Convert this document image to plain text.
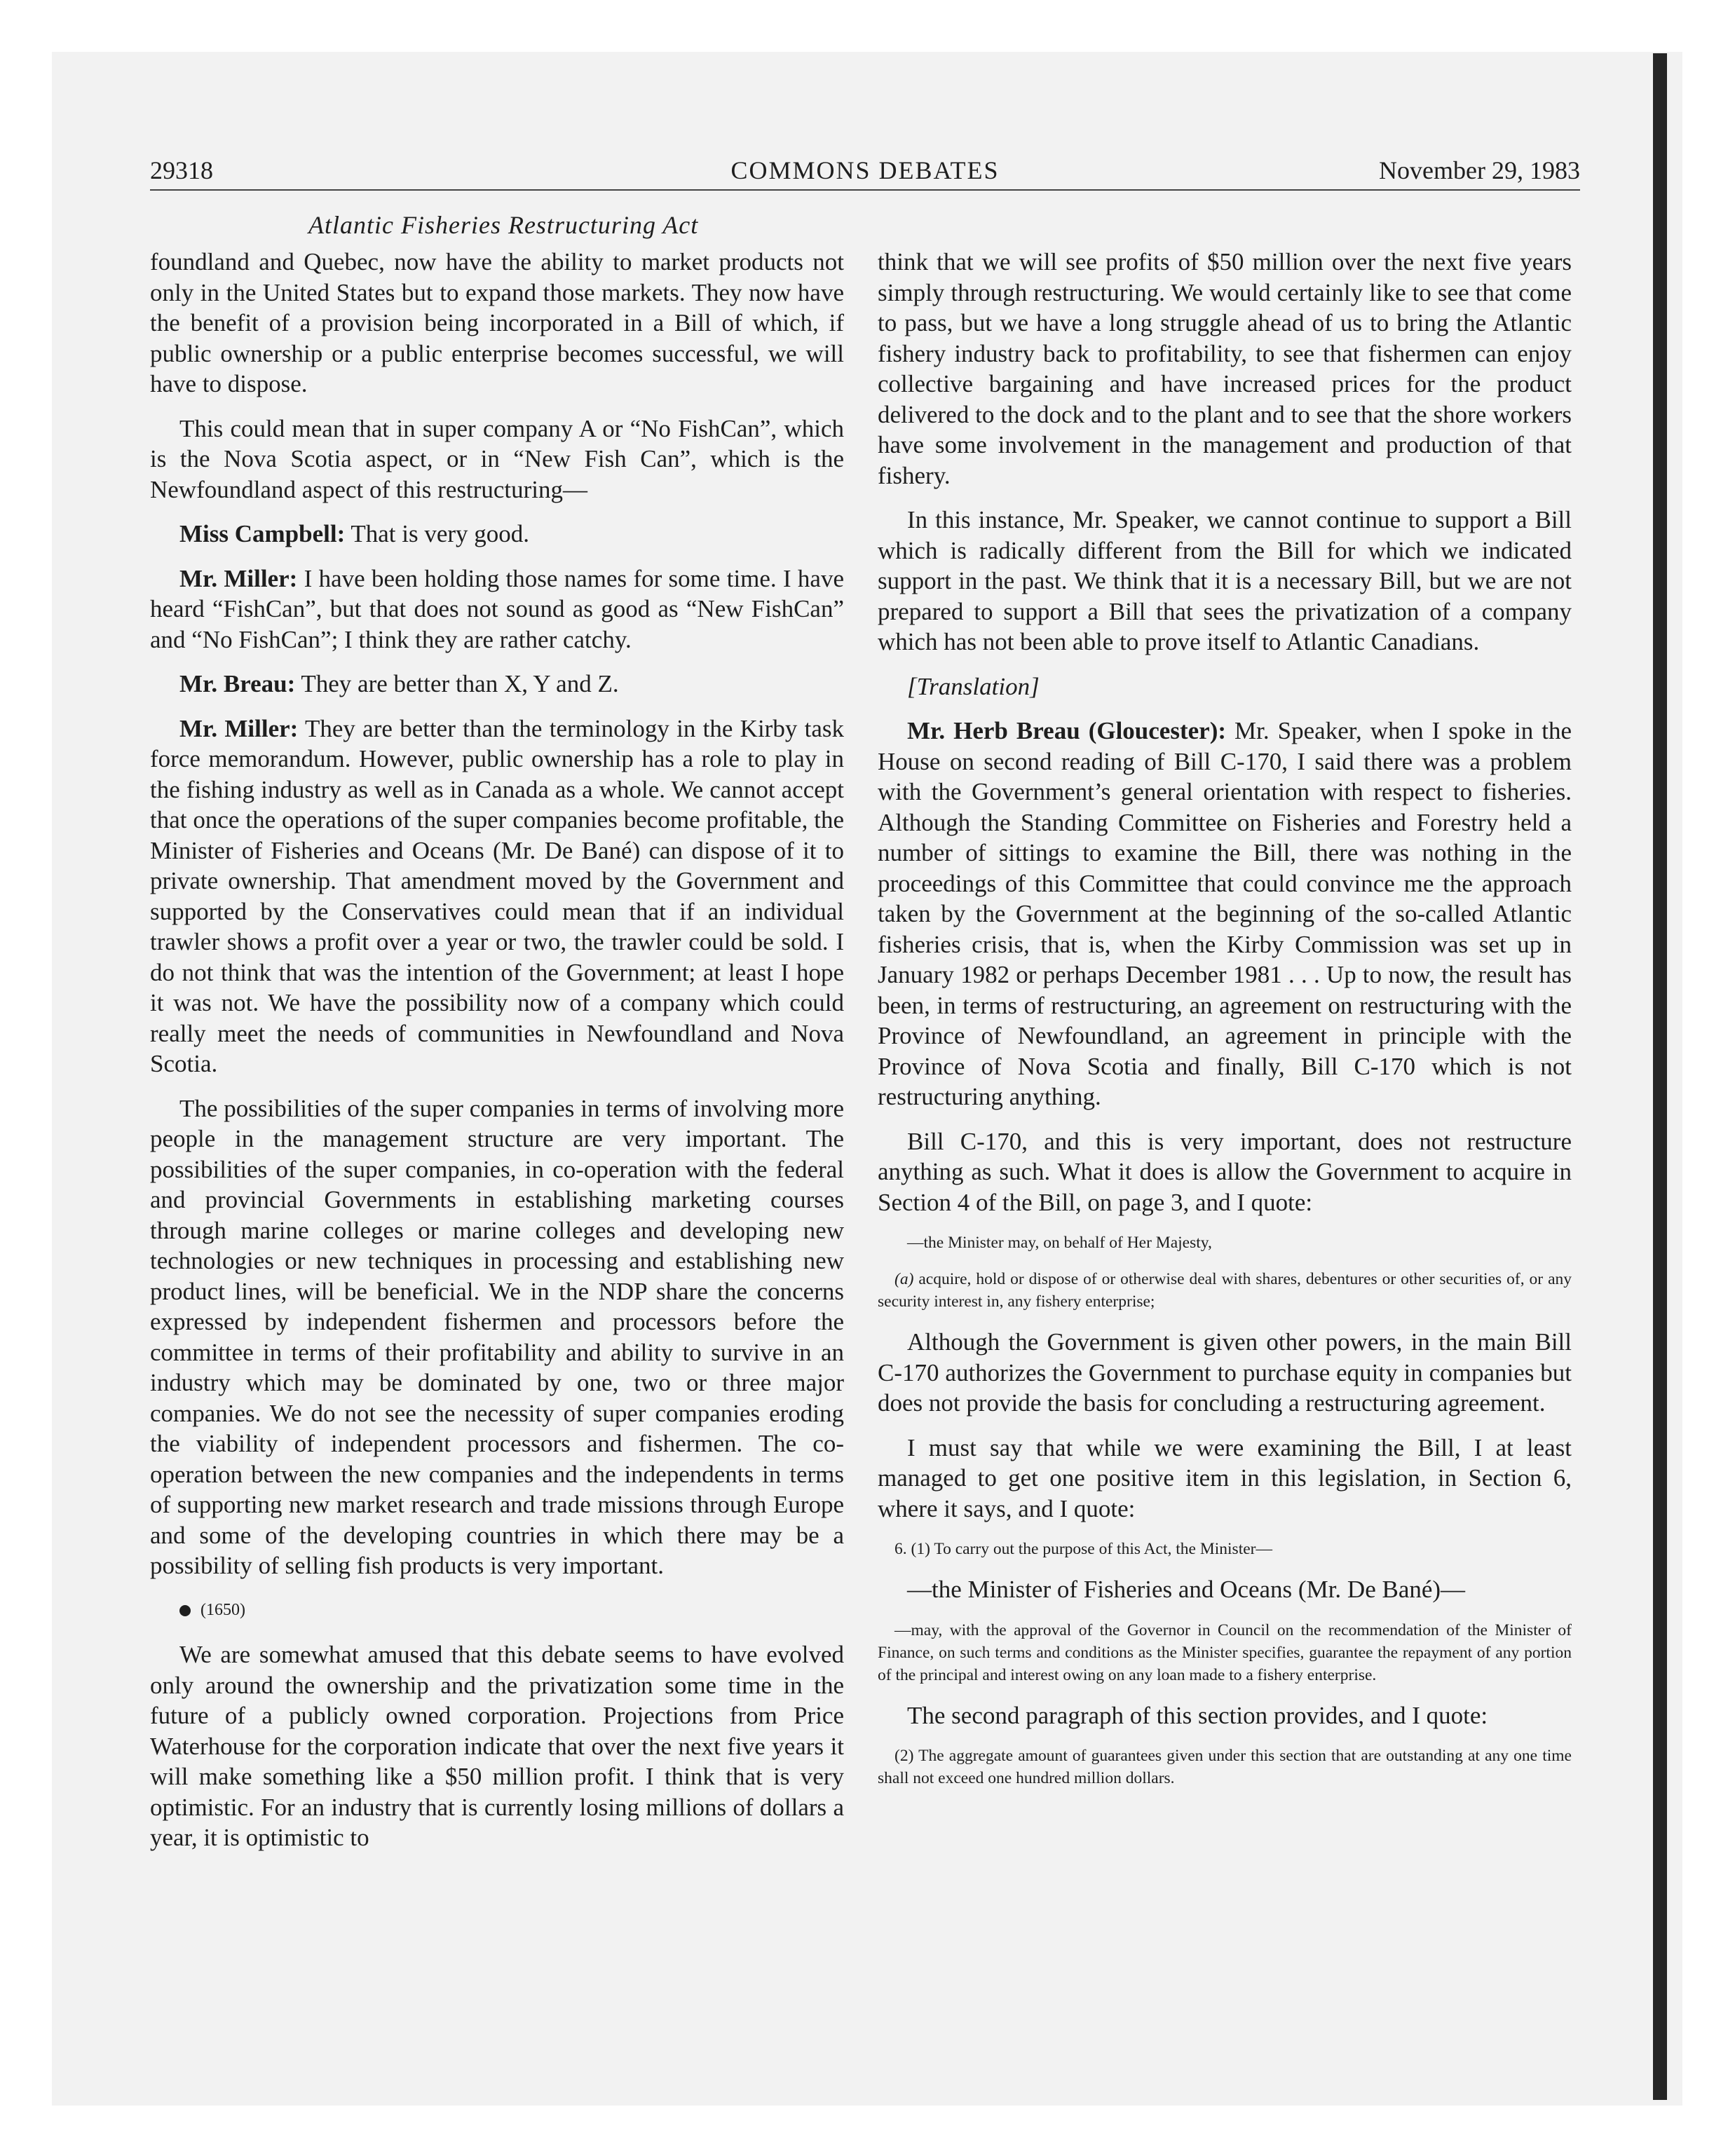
29318	COMMONS DEBATES	November 29, 1983
Atlantic Fisheries Restructuring Act

foundland and Quebec, now have the ability to market products not only in the United States but to expand those markets. They now have the benefit of a provision being incorporated in a Bill of which, if public ownership or a public enterprise becomes successful, we will have to dispose.

This could mean that in super company A or “No FishCan”, which is the Nova Scotia aspect, or in “New Fish Can”, which is the Newfoundland aspect of this restructuring—

Miss Campbell: That is very good.

Mr. Miller: I have been holding those names for some time. I have heard “FishCan”, but that does not sound as good as “New FishCan” and “No FishCan”; I think they are rather catchy.

Mr. Breau: They are better than X, Y and Z.

Mr. Miller: They are better than the terminology in the Kirby task force memorandum. However, public ownership has a role to play in the fishing industry as well as in Canada as a whole. We cannot accept that once the operations of the super companies become profitable, the Minister of Fisheries and Oceans (Mr. De Bané) can dispose of it to private ownership. That amendment moved by the Government and supported by the Conservatives could mean that if an individual trawler shows a profit over a year or two, the trawler could be sold. I do not think that was the intention of the Government; at least I hope it was not. We have the possibility now of a company which could really meet the needs of communities in Newfoundland and Nova Scotia.

The possibilities of the super companies in terms of involving more people in the management structure are very important. The possibilities of the super companies, in co-operation with the federal and provincial Governments in establishing marketing courses through marine colleges or marine colleges and developing new technologies or new techniques in processing and establishing new product lines, will be beneficial. We in the NDP share the concerns expressed by independent fishermen and processors before the committee in terms of their profitability and ability to survive in an industry which may be dominated by one, two or three major companies. We do not see the necessity of super companies eroding the viability of independent processors and fishermen. The co-operation between the new companies and the independents in terms of supporting new market research and trade missions through Europe and some of the developing countries in which there may be a possibility of selling fish products is very important.

(1650)

We are somewhat amused that this debate seems to have evolved only around the ownership and the privatization some time in the future of a publicly owned corporation. Projections from Price Waterhouse for the corporation indicate that over the next five years it will make something like a $50 million profit. I think that is very optimistic. For an industry that is currently losing millions of dollars a year, it is optimistic to

think that we will see profits of $50 million over the next five years simply through restructuring. We would certainly like to see that come to pass, but we have a long struggle ahead of us to bring the Atlantic fishery industry back to profitability, to see that fishermen can enjoy collective bargaining and have increased prices for the product delivered to the dock and to the plant and to see that the shore workers have some involvement in the management and production of that fishery.

In this instance, Mr. Speaker, we cannot continue to support a Bill which is radically different from the Bill for which we indicated support in the past. We think that it is a necessary Bill, but we are not prepared to support a Bill that sees the privatization of a company which has not been able to prove itself to Atlantic Canadians.

[Translation]

Mr. Herb Breau (Gloucester): Mr. Speaker, when I spoke in the House on second reading of Bill C-170, I said there was a problem with the Government’s general orientation with respect to fisheries. Although the Standing Committee on Fisheries and Forestry held a number of sittings to examine the Bill, there was nothing in the proceedings of this Committee that could convince me the approach taken by the Government at the beginning of the so-called Atlantic fisheries crisis, that is, when the Kirby Commission was set up in January 1982 or perhaps December 1981 . . . Up to now, the result has been, in terms of restructuring, an agreement on restructuring with the Province of Newfoundland, an agreement in principle with the Province of Nova Scotia and finally, Bill C-170 which is not restructuring anything.

Bill C-170, and this is very important, does not restructure anything as such. What it does is allow the Government to acquire in Section 4 of the Bill, on page 3, and I quote:

—the Minister may, on behalf of Her Majesty,

(a) acquire, hold or dispose of or otherwise deal with shares, debentures or other securities of, or any security interest in, any fishery enterprise;

Although the Government is given other powers, in the main Bill C-170 authorizes the Government to purchase equity in companies but does not provide the basis for concluding a restructuring agreement.

I must say that while we were examining the Bill, I at least managed to get one positive item in this legislation, in Section 6, where it says, and I quote:

6. (1) To carry out the purpose of this Act, the Minister—

—the Minister of Fisheries and Oceans (Mr. De Bané)—

—may, with the approval of the Governor in Council on the recommendation of the Minister of Finance, on such terms and conditions as the Minister specifies, guarantee the repayment of any portion of the principal and interest owing on any loan made to a fishery enterprise.

The second paragraph of this section provides, and I quote:

(2) The aggregate amount of guarantees given under this section that are outstanding at any one time shall not exceed one hundred million dollars.
